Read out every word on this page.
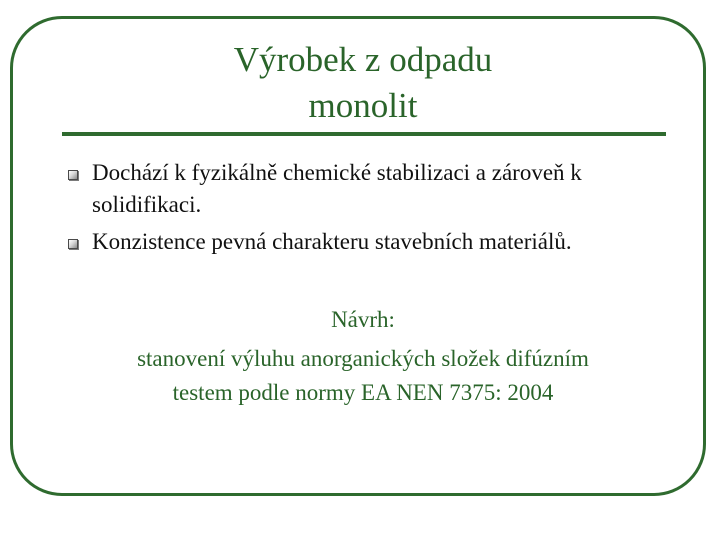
Výrobek z odpadu
monolit
Dochází k fyzikálně chemické stabilizaci a zároveň k solidifikaci.
Konzistence pevná charakteru stavebních materiálů.
Návrh:
stanovení výluhu anorganických složek difúzním
testem podle normy EA NEN 7375: 2004
